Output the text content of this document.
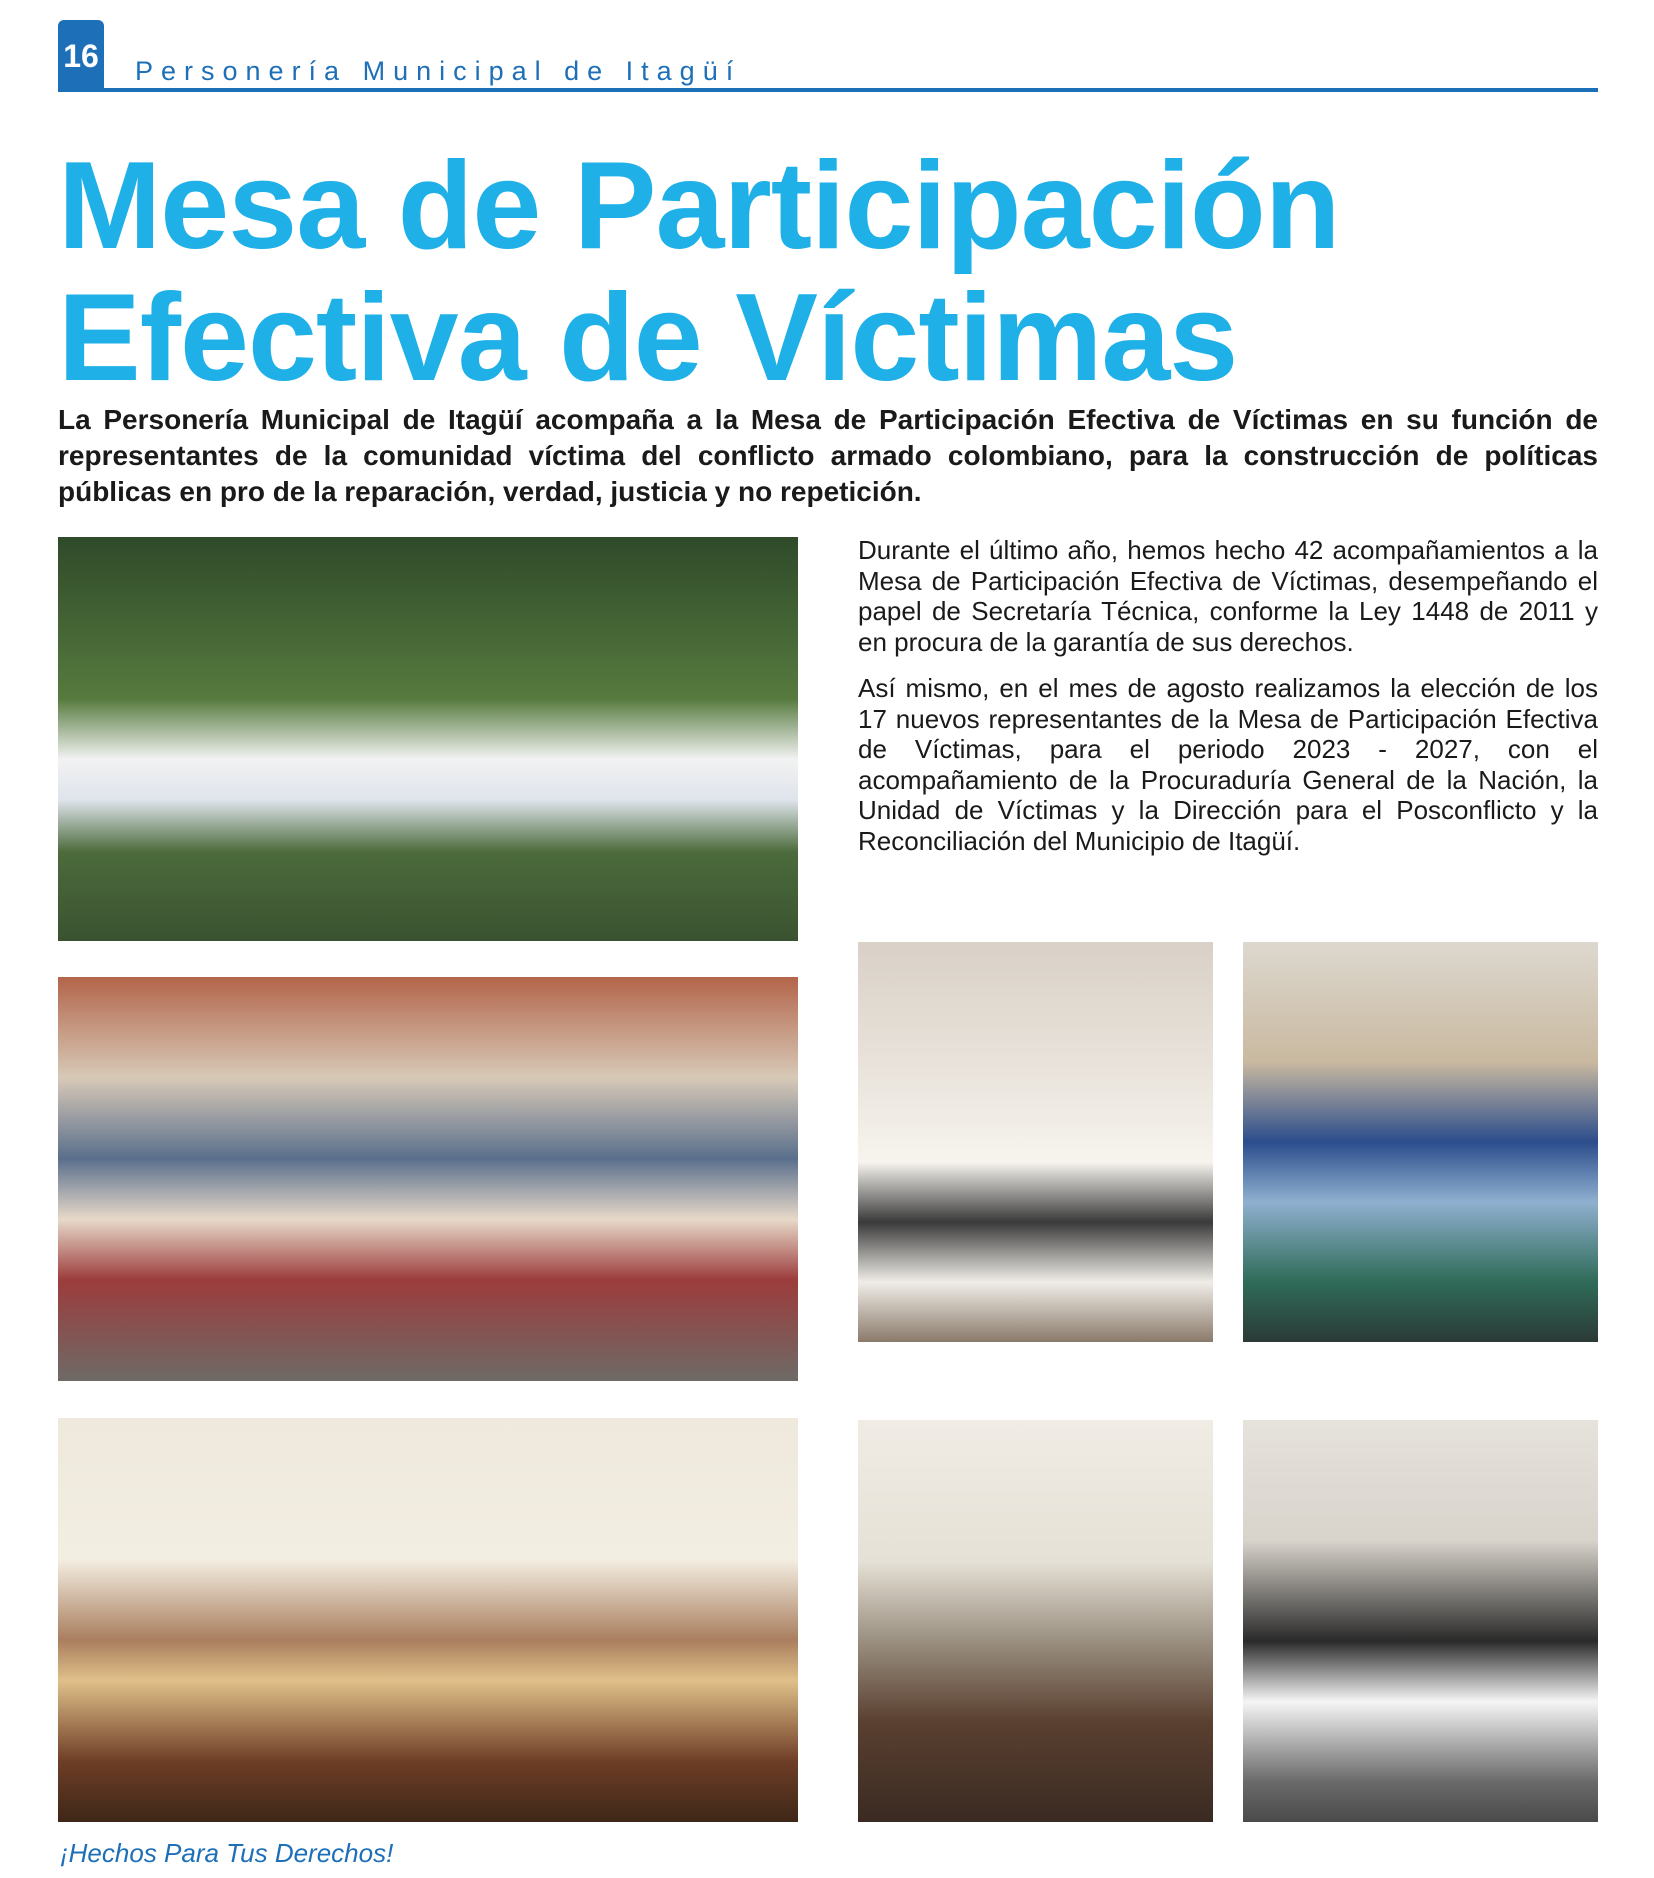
16 Personería Municipal de Itagüí
Mesa de Participación
Efectiva de Víctimas

La Personería Municipal de Itagüí acompaña a la Mesa de Participación Efectiva de Víctimas en su función de representantes de la comunidad víctima del conflicto armado colombiano, para la construcción de políticas públicas en pro de la reparación, verdad, justicia y no repetición.

Durante el último año, hemos hecho 42 acompañamientos a la Mesa de Participación Efectiva de Víctimas, desempeñando el papel de Secretaría Técnica, conforme la Ley 1448 de 2011 y en procura de la garantía de sus derechos.

Así mismo, en el mes de agosto realizamos la elección de los 17 nuevos representantes de la Mesa de Participación Efectiva de Víctimas, para el periodo 2023 - 2027, con el acompañamiento de la Procuraduría General de la Nación, la Unidad de Víctimas y la Dirección para el Posconflicto y la Reconciliación del Municipio de Itagüí.

¡Hechos Para Tus Derechos!
